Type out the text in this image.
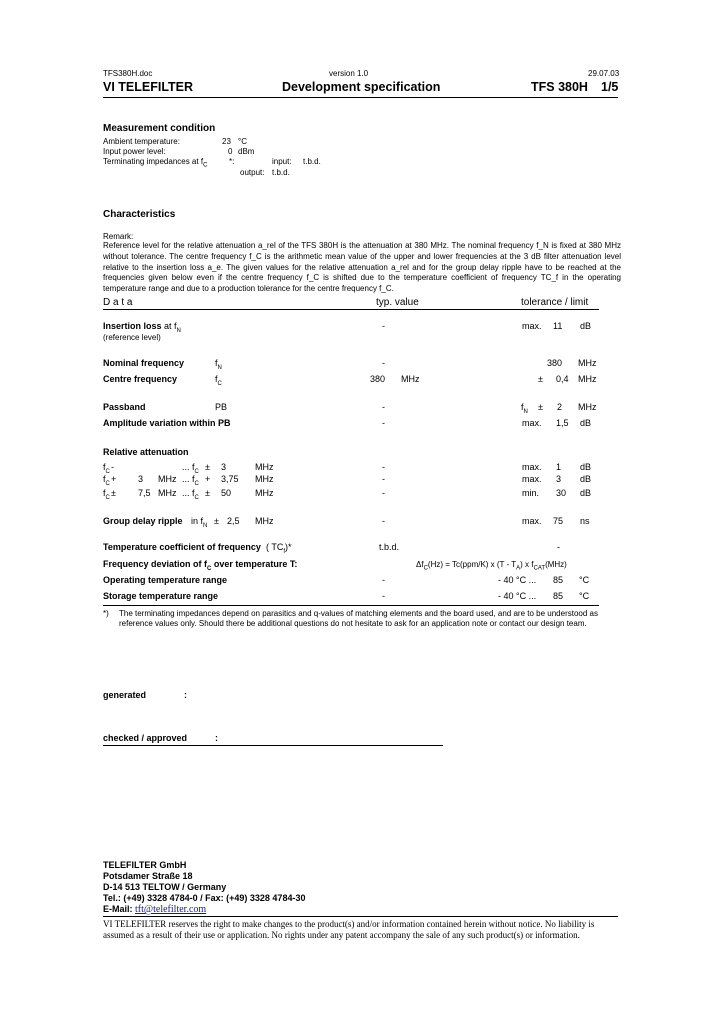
TFS380H.doc	version 1.0	29.07.03
VI TELEFILTER	Development specification	TFS 380H 1/5
Measurement condition
Ambient temperature:	23 °C
Input power level:	0 dBm
Terminating impedances at $f_C$	*:	input: t.b.d.
output: t.b.d.
Characteristics
Remark:
Reference level for the relative attenuation a_rel of the TFS 380H is the attenuation at 380 MHz. The nominal frequency f_N is fixed at 380 MHz without tolerance. The centre frequency f_C is the arithmetic mean value of the upper and lower frequencies at the 3 dB filter attenuation level relative to the insertion loss a_e. The given values for the relative attenuation a_rel and for the group delay ripple have to be reached at the frequencies given below even if the centre frequency f_C is shifted due to the temperature coefficient of frequency TC_f in the operating temperature range and due to a production tolerance for the centre frequency f_C.
D a t a	typ. value	tolerance / limit
Insertion loss at $f_N$
(reference level)
-	max. 11 dB
Nominal frequency	$f_N$	-	380 MHz
Centre frequency	$f_C$	380 MHz	± 0,4 MHz
Passband	PB	-	$f_N \pm 2$ MHz
Amplitude variation within PB	-	max. 1,5 dB
Relative attenuation
$f_C$ -	... $f_C \pm 3$	MHz	-	max. 1 dB
$f_C + 3$ MHz ... $f_C + 3,75$ MHz	-	max. 3 dB
$f_C \pm 7,5$ MHz ... $f_C \pm 50$	MHz	-	min. 30 dB
Group delay ripple in $f_N \pm 2,5$ MHz	-	max. 75 ns
Temperature coefficient of frequency ( $TC_f)*$	t.b.d.	-
Frequency deviation of $f_C$ over temperature T:	$\Delta f_C(Hz) = Tc(ppm/K)$ x $(T - T_A)$ x $f_{CAT}(MHz)$
Operating temperature range	-	- 40 °C ... 85 °C
Storage temperature range	-	- 40 °C ... 85 °C
*) The terminating impedances depend on parasitics and q-values of matching elements and the board used, and are to be understood as
reference values only. Should there be additional questions do not hesitate to ask for an application note or contact our design team.
generated	:
checked / approved	:
TELEFILTER GmbH
Potsdamer Straße 18
D-14 513 TELTOW / Germany
Tel.: (+49) 3328 4784-0 / Fax: (+49) 3328 4784-30
E-Mail: tft@telefilter.com
VI TELEFILTER reserves the right to make changes to the product(s) and/or information contained herein without notice. No liability is assumed as a result of their use or application. No rights under any patent accompany the sale of any such product(s) or information.
